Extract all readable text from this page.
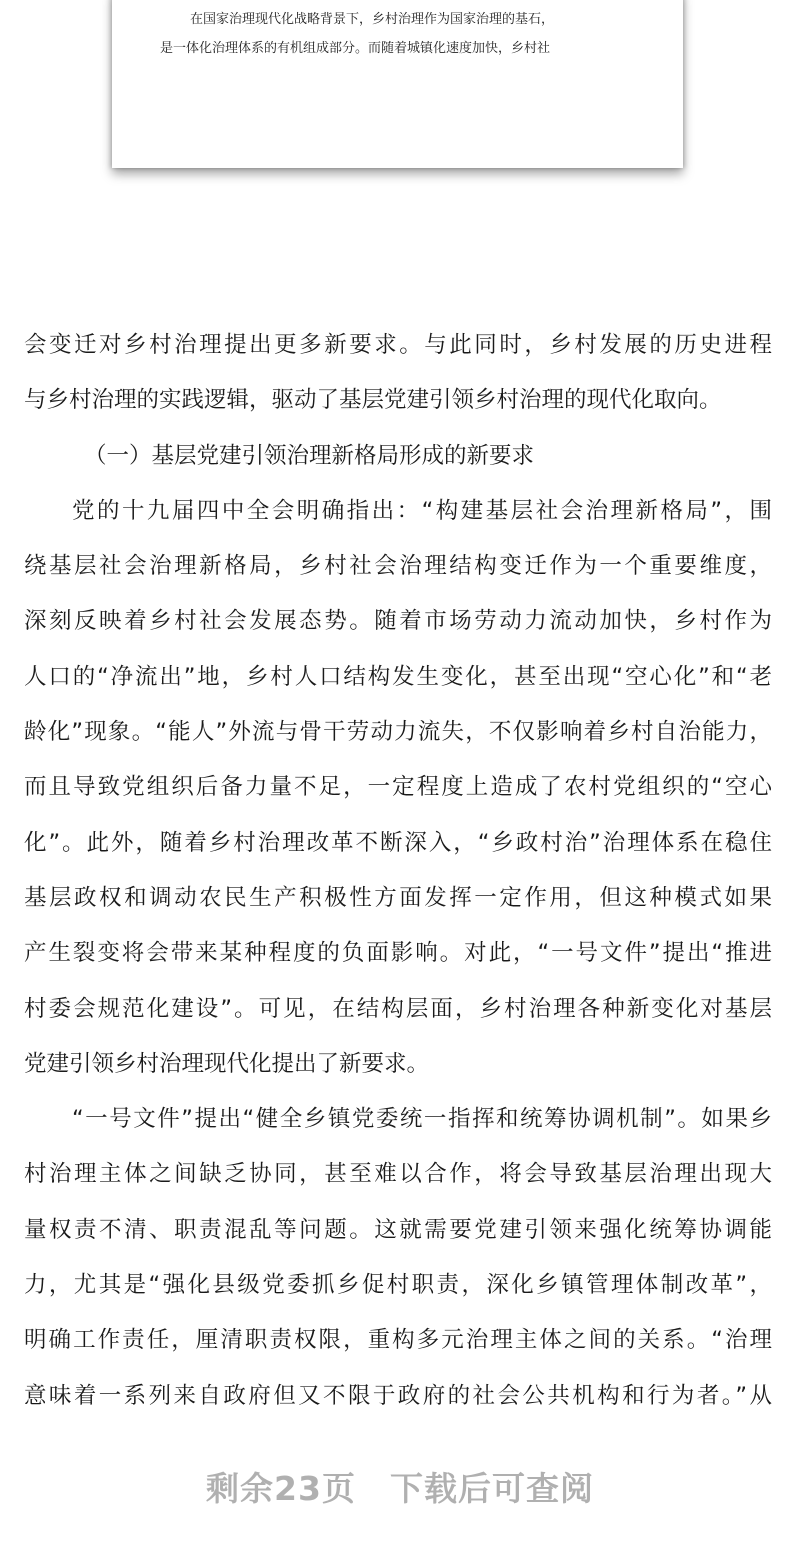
在国家治理现代化战略背景下，乡村治理作为国家治理的基石，
是一体化治理体系的有机组成部分。而随着城镇化速度加快，乡村社
会变迁对乡村治理提出更多新要求。与此同时，乡村发展的历史进程
与乡村治理的实践逻辑，驱动了基层党建引领乡村治理的现代化取向。
（一）基层党建引领治理新格局形成的新要求
党的十九届四中全会明确指出：“构建基层社会治理新格局”，围
绕基层社会治理新格局，乡村社会治理结构变迁作为一个重要维度，
深刻反映着乡村社会发展态势。随着市场劳动力流动加快，乡村作为
人口的“净流出”地，乡村人口结构发生变化，甚至出现“空心化”和“老
龄化”现象。“能人”外流与骨干劳动力流失，不仅影响着乡村自治能力，
而且导致党组织后备力量不足，一定程度上造成了农村党组织的“空心
化”。此外，随着乡村治理改革不断深入，“乡政村治”治理体系在稳住
基层政权和调动农民生产积极性方面发挥一定作用，但这种模式如果
产生裂变将会带来某种程度的负面影响。对此，“一号文件”提出“推进
村委会规范化建设”。可见，在结构层面，乡村治理各种新变化对基层
党建引领乡村治理现代化提出了新要求。
“一号文件”提出“健全乡镇党委统一指挥和统筹协调机制”。如果乡
村治理主体之间缺乏协同，甚至难以合作，将会导致基层治理出现大
量权责不清、职责混乱等问题。这就需要党建引领来强化统筹协调能
力，尤其是“强化县级党委抓乡促村职责，深化乡镇管理体制改革”，
明确工作责任，厘清职责权限，重构多元治理主体之间的关系。“治理
意味着一系列来自政府但又不限于政府的社会公共机构和行为者。”从
剩余23页 下载后可查阅
